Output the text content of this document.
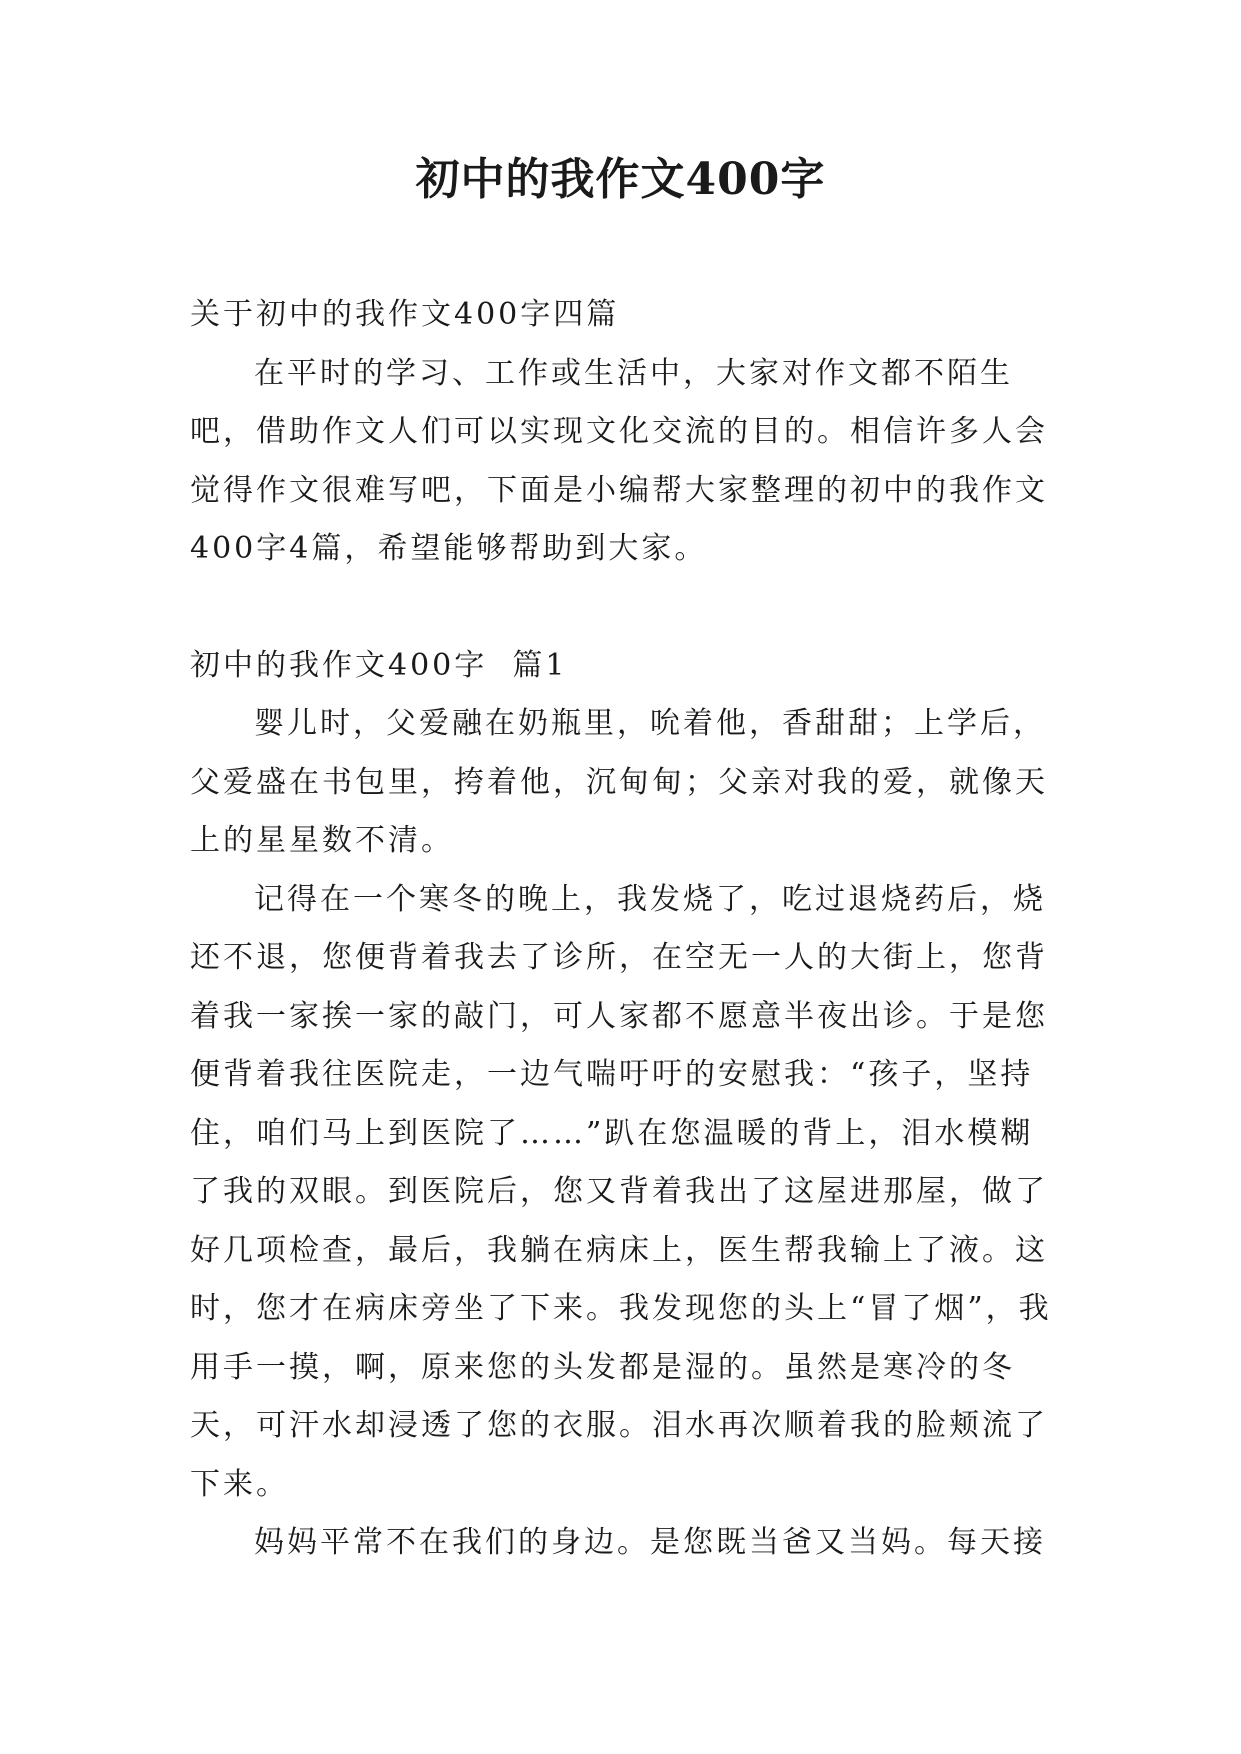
初中的我作文400字

关于初中的我作文400字四篇

在平时的学习、工作或生活中，大家对作文都不陌生吧，借助作文人们可以实现文化交流的目的。相信许多人会觉得作文很难写吧，下面是小编帮大家整理的初中的我作文400字4篇，希望能够帮助到大家。

初中的我作文400字  篇1

婴儿时，父爱融在奶瓶里，吮着他，香甜甜；上学后，父爱盛在书包里，挎着他，沉甸甸；父亲对我的爱，就像天上的星星数不清。

记得在一个寒冬的晚上，我发烧了，吃过退烧药后，烧还不退，您便背着我去了诊所，在空无一人的大街上，您背着我一家挨一家的敲门，可人家都不愿意半夜出诊。于是您便背着我往医院走，一边气喘吁吁的安慰我：“孩子，坚持住，咱们马上到医院了……”趴在您温暖的背上，泪水模糊了我的双眼。到医院后，您又背着我出了这屋进那屋，做了好几项检查，最后，我躺在病床上，医生帮我输上了液。这时，您才在病床旁坐了下来。我发现您的头上“冒了烟”，我用手一摸，啊，原来您的头发都是湿的。虽然是寒冷的冬天，可汗水却浸透了您的衣服。泪水再次顺着我的脸颊流了下来。

妈妈平常不在我们的身边。是您既当爸又当妈。每天接
